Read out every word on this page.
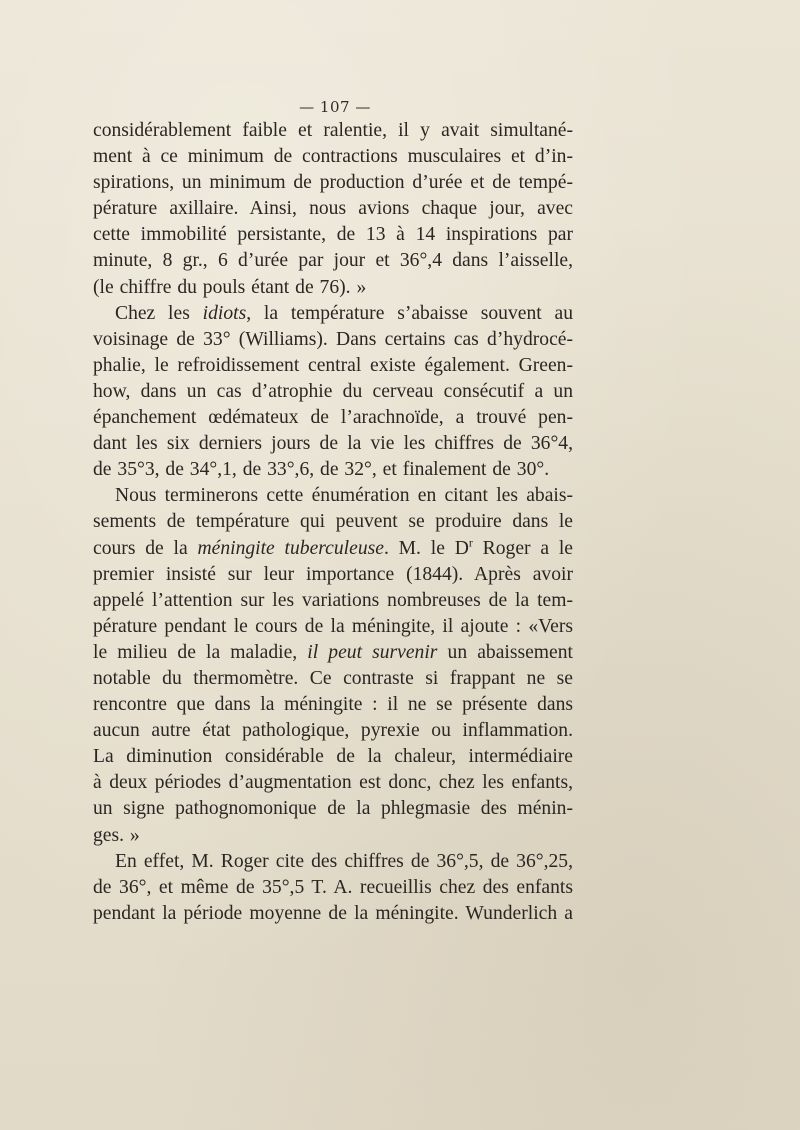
— 107 —
considérablement faible et ralentie, il y avait simultané-
ment à ce minimum de contractions musculaires et d’in-
spirations, un minimum de production d’urée et de tempé-
pérature axillaire. Ainsi, nous avions chaque jour, avec
cette immobilité persistante, de 13 à 14 inspirations par
minute, 8 gr., 6 d’urée par jour et 36°,4 dans l’aisselle,
(le chiffre du pouls étant de 76). »
Chez les idiots, la température s’abaisse souvent au
voisinage de 33° (Williams). Dans certains cas d’hydrocé-
phalie, le refroidissement central existe également. Green-
how, dans un cas d’atrophie du cerveau consécutif a un
épanchement œdémateux de l’arachnoïde, a trouvé pen-
dant les six derniers jours de la vie les chiffres de 36°4,
de 35°3, de 34°,1, de 33°,6, de 32°, et finalement de 30°.
Nous terminerons cette énumération en citant les abais-
sements de température qui peuvent se produire dans le
cours de la méningite tuberculeuse. M. le $D^r$ Roger a le
premier insisté sur leur importance (1844). Après avoir
appelé l’attention sur les variations nombreuses de la tem-
pérature pendant le cours de la méningite, il ajoute : «Vers
le milieu de la maladie, il peut survenir un abaissement
notable du thermomètre. Ce contraste si frappant ne se
rencontre que dans la méningite : il ne se présente dans
aucun autre état pathologique, pyrexie ou inflammation.
La diminution considérable de la chaleur, intermédiaire
à deux périodes d’augmentation est donc, chez les enfants,
un signe pathognomonique de la phlegmasie des ménin-
ges. »
En effet, M. Roger cite des chiffres de 36°,5, de 36°,25,
de 36°, et même de 35°,5 T. A. recueillis chez des enfants
pendant la période moyenne de la méningite. Wunderlich a
